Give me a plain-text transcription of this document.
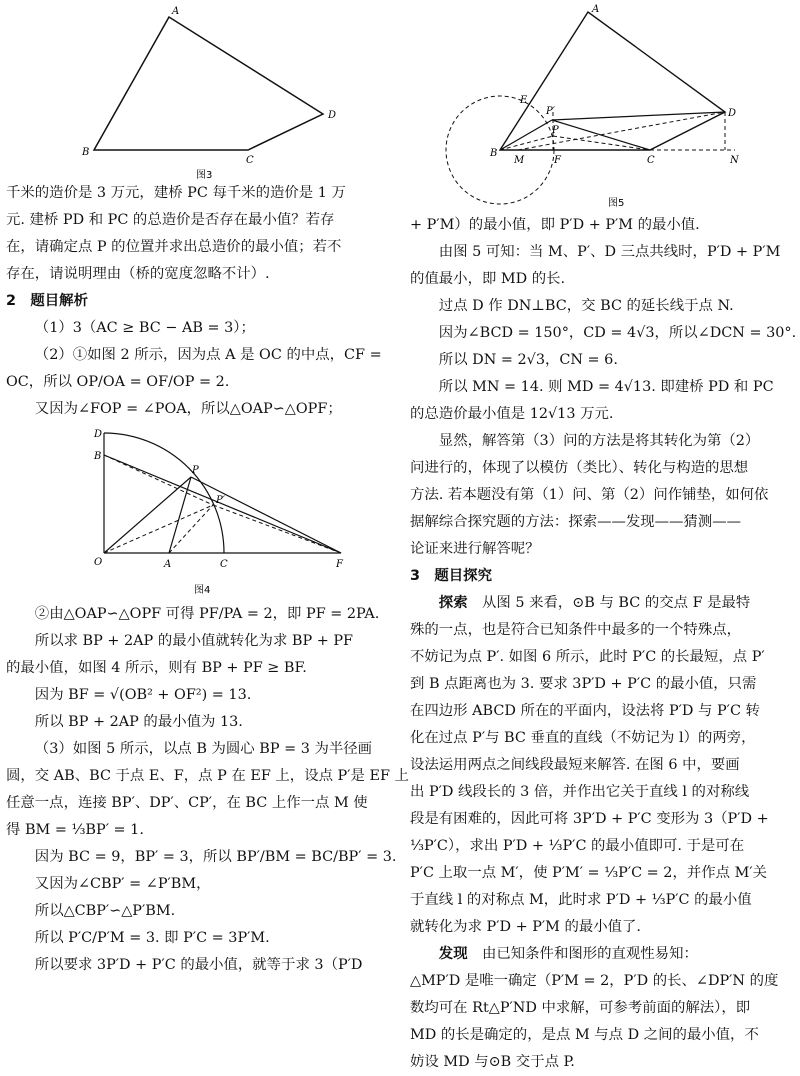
A
B
C
D
图3

千米的造价是 3 万元，建桥 PC 每千米的造价是 1 万

元. 建桥 PD 和 PC 的总造价是否存在最小值？若存

在，请确定点 P 的位置并求出总造价的最小值；若不

存在，请说明理由（桥的宽度忽略不计）.

2　题目解析

（1）3（AC ≥ BC − AB = 3）；

（2）①如图 2 所示，因为点 A 是 OC 的中点，CF =

OC，所以 OP/OA = OF/OP = 2.

又因为∠FOP = ∠POA，所以△OAP∽△OPF；

D
B
P
P′
O	A	C	F
图4

②由△OAP∽△OPF 可得 PF/PA = 2，即 PF = 2PA.

所以求 BP + 2AP 的最小值就转化为求 BP + PF

的最小值，如图 4 所示，则有 BP + PF ≥ BF.

因为 BF = √(OB² + OF²) = 13.

所以 BP + 2AP 的最小值为 13.

（3）如图 5 所示，以点 B 为圆心 BP = 3 为半径画

圆，交 AB、BC 于点 E、F，点 P 在 EF 上，设点 P′是 EF 上

任意一点，连接 BP′、DP′、CP′，在 BC 上作一点 M 使

得 BM = ⅓BP′ = 1.

因为 BC = 9，BP′ = 3，所以 BP′/BM = BC/BP′ = 3.

又因为∠CBP′ = ∠P′BM，

所以△CBP′∽△P′BM.

所以 P′C/P′M = 3. 即 P′C = 3P′M.

所以要求 3P′D + P′C 的最小值，就等于求 3（P′D

A
E
P′
P
B
M	F	C
D
N
图5

+ P′M）的最小值，即 P′D + P′M 的最小值.

由图 5 可知：当 M、P′、D 三点共线时，P′D + P′M

的值最小，即 MD 的长.

过点 D 作 DN⊥BC，交 BC 的延长线于点 N.

因为∠BCD = 150°，CD = 4√3，所以∠DCN = 30°.

所以 DN = 2√3，CN = 6.

所以 MN = 14. 则 MD = 4√13. 即建桥 PD 和 PC

的总造价最小值是 12√13 万元.

显然，解答第（3）问的方法是将其转化为第（2）

问进行的，体现了以模仿（类比）、转化与构造的思想

方法. 若本题没有第（1）问、第（2）问作铺垫，如何依

据解综合探究题的方法：探索——发现——猜测——

论证来进行解答呢？

3　题目探究

探索　从图 5 来看，⊙B 与 BC 的交点 F 是最特

殊的一点，也是符合已知条件中最多的一个特殊点，

不妨记为点 P′. 如图 6 所示，此时 P′C 的长最短，点 P′

到 B 点距离也为 3. 要求 3P′D + P′C 的最小值，只需

在四边形 ABCD 所在的平面内，设法将 P′D 与 P′C 转

化在过点 P′与 BC 垂直的直线（不妨记为 l）的两旁，

设法运用两点之间线段最短来解答. 在图 6 中，要画

出 P′D 线段长的 3 倍，并作出它关于直线 l 的对称线

段是有困难的，因此可将 3P′D + P′C 变形为 3（P′D +

⅓P′C），求出 P′D + ⅓P′C 的最小值即可. 于是可在

P′C 上取一点 M′，使 P′M′ = ⅓P′C = 2，并作点 M′关

于直线 l 的对称点 M，此时求 P′D + ⅓P′C 的最小值

就转化为求 P′D + P′M 的最小值了.

发现　由已知条件和图形的直观性易知：

△MP′D 是唯一确定（P′M = 2，P′D 的长、∠DP′N 的度

数均可在 Rt△P′ND 中求解，可参考前面的解法），即

MD 的长是确定的，是点 M 与点 D 之间的最小值，不

妨设 MD 与⊙B 交于点 P.
